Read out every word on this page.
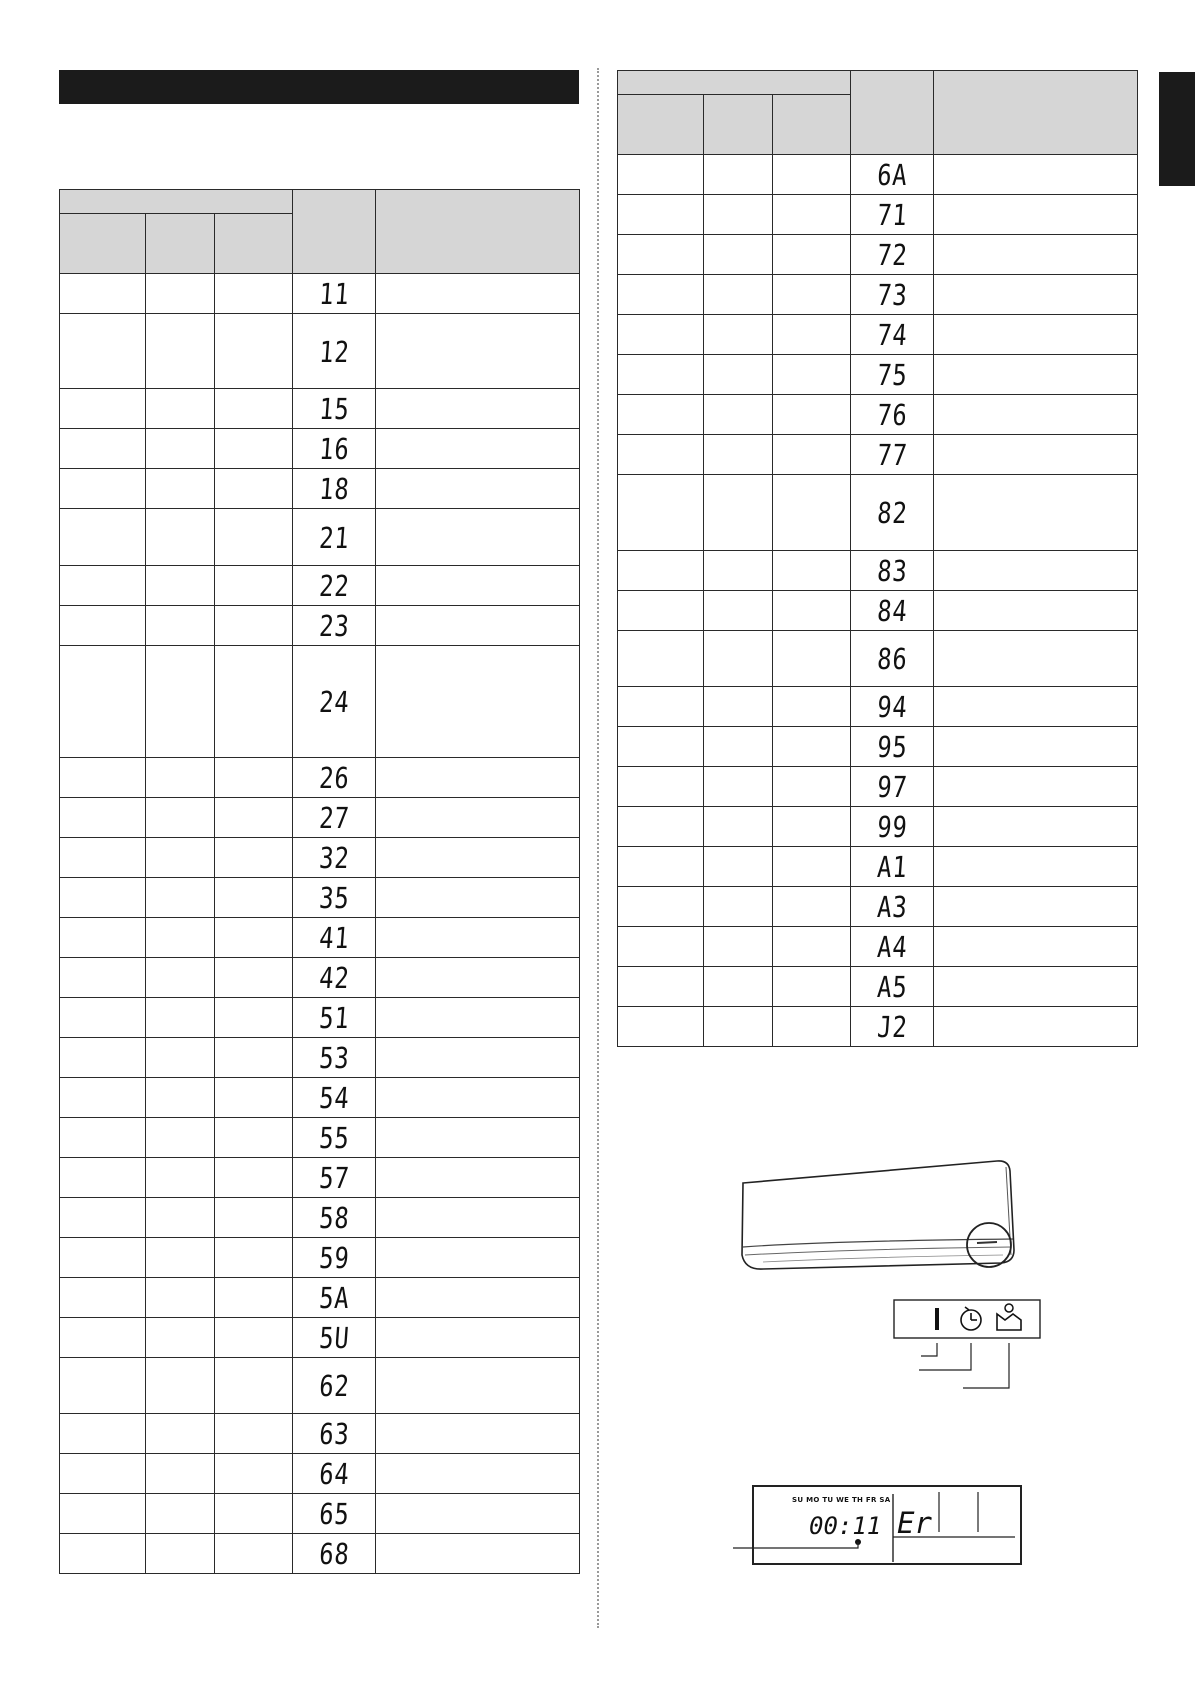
			11	
			12	
			15	
			16	
			18	
			21	
			22	
			23	
			24	
			26	
			27	
			32	
			35	
			41	
			42	
			51	
			53	
			54	
			55	
			57	
			58	
			59	
			5A	
			5U	
			62	
			63	
			64	
			65	
			68	

			6A	
			71	
			72	
			73	
			74	
			75	
			76	
			77	
			82	
			83	
			84	
			86	
			94	
			95	
			97	
			99	
			A1	
			A3	
			A4	
			A5	
			J2	
SU MO TU WE TH FR SA
00:11 Er
